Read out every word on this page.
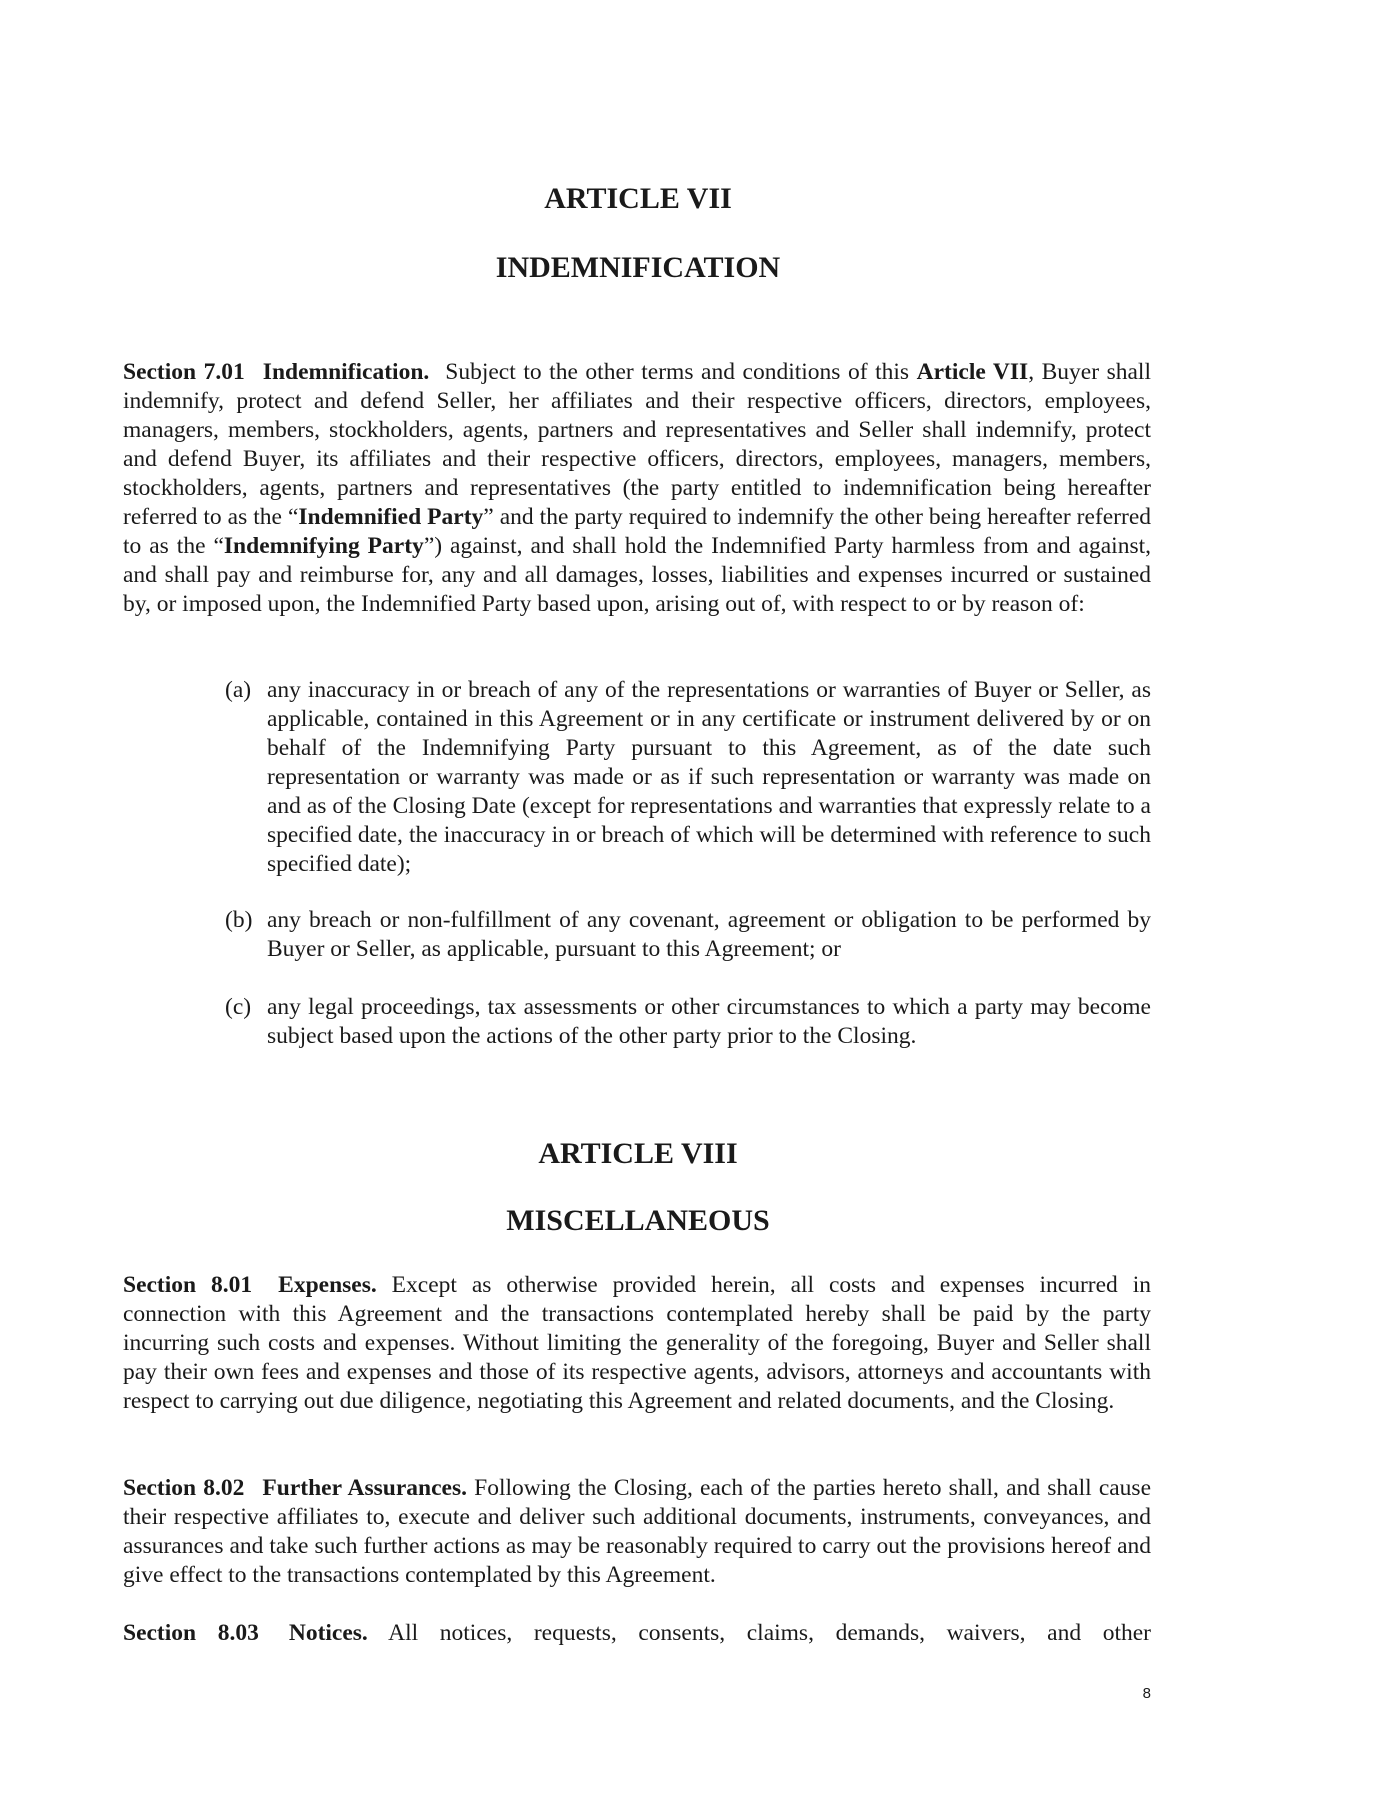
ARTICLE VII
INDEMNIFICATION

Section 7.01 Indemnification. Subject to the other terms and conditions of this Article VII, Buyer shall indemnify, protect and defend Seller, her affiliates and their respective officers, directors, employees, managers, members, stockholders, agents, partners and representatives and Seller shall indemnify, protect and defend Buyer, its affiliates and their respective officers, directors, employees, managers, members, stockholders, agents, partners and representatives (the party entitled to indemnification being hereafter referred to as the “Indemnified Party” and the party required to indemnify the other being hereafter referred to as the “Indemnifying Party”) against, and shall hold the Indemnified Party harmless from and against, and shall pay and reimburse for, any and all damages, losses, liabilities and expenses incurred or sustained by, or imposed upon, the Indemnified Party based upon, arising out of, with respect to or by reason of:

(a) any inaccuracy in or breach of any of the representations or warranties of Buyer or Seller, as applicable, contained in this Agreement or in any certificate or instrument delivered by or on behalf of the Indemnifying Party pursuant to this Agreement, as of the date such representation or warranty was made or as if such representation or warranty was made on and as of the Closing Date (except for representations and warranties that expressly relate to a specified date, the inaccuracy in or breach of which will be determined with reference to such specified date);
(b) any breach or non-fulfillment of any covenant, agreement or obligation to be performed by Buyer or Seller, as applicable, pursuant to this Agreement; or
(c) any legal proceedings, tax assessments or other circumstances to which a party may become subject based upon the actions of the other party prior to the Closing.
ARTICLE VIII
MISCELLANEOUS

Section 8.01 Expenses. Except as otherwise provided herein, all costs and expenses incurred in connection with this Agreement and the transactions contemplated hereby shall be paid by the party incurring such costs and expenses. Without limiting the generality of the foregoing, Buyer and Seller shall pay their own fees and expenses and those of its respective agents, advisors, attorneys and accountants with respect to carrying out due diligence, negotiating this Agreement and related documents, and the Closing.

Section 8.02 Further Assurances. Following the Closing, each of the parties hereto shall, and shall cause their respective affiliates to, execute and deliver such additional documents, instruments, conveyances, and assurances and take such further actions as may be reasonably required to carry out the provisions hereof and give effect to the transactions contemplated by this Agreement.

Section 8.03 Notices. All notices, requests, consents, claims, demands, waivers, and other

8
